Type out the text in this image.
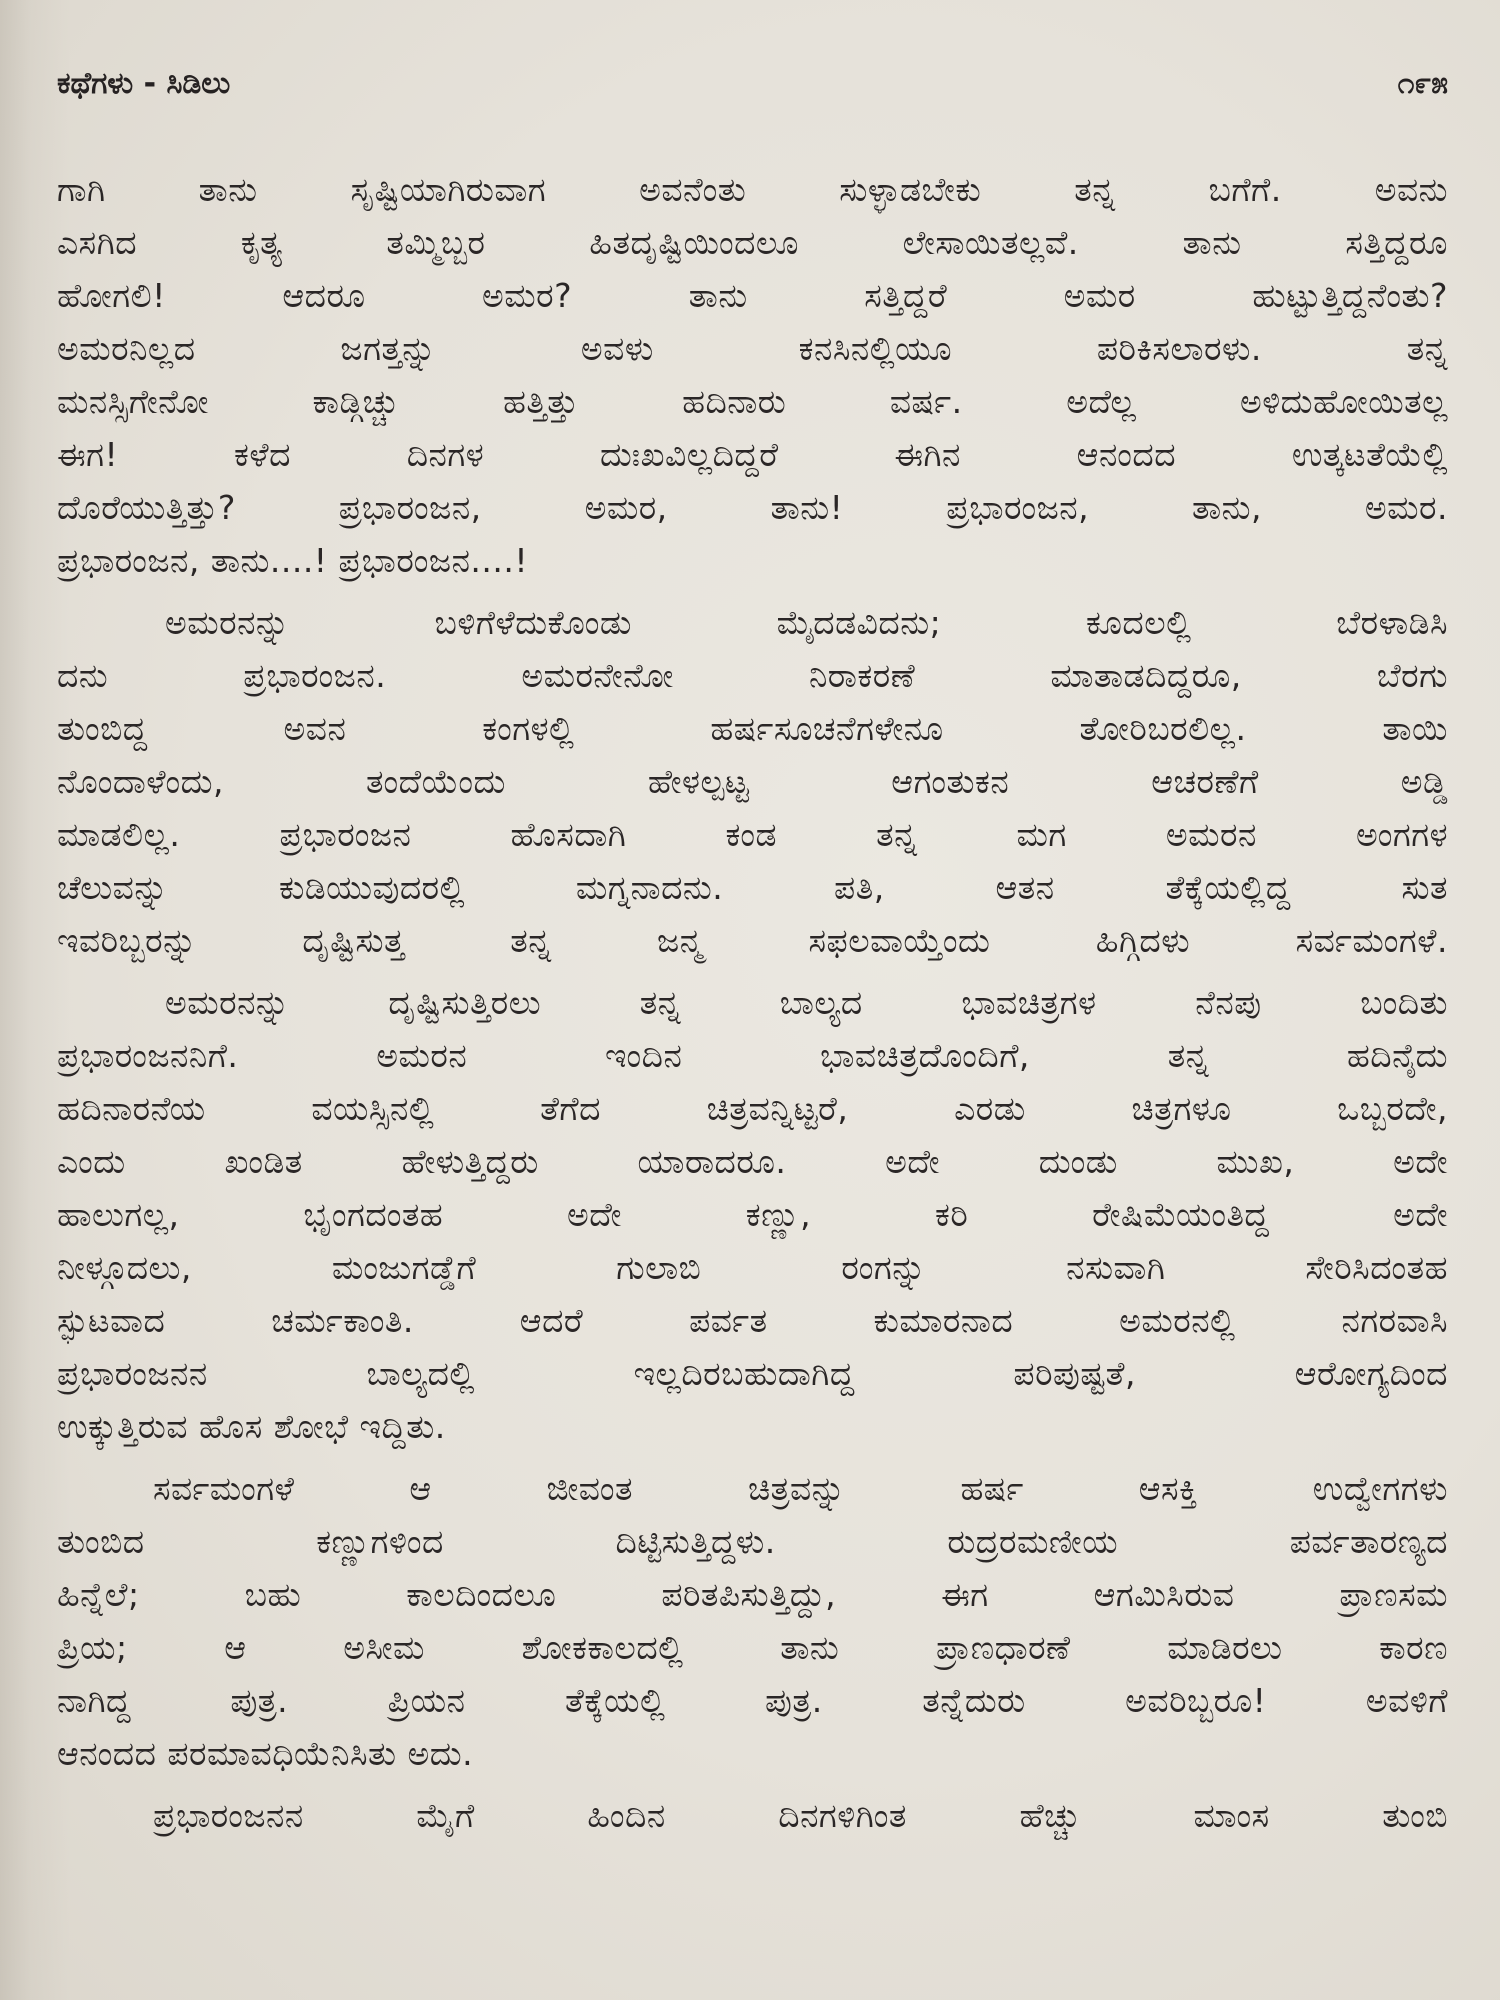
ಕಥೆಗಳು - ಸಿಡಿಲು	೧೯೫
ಗಾಗಿ ತಾನು ಸೃಷ್ಟಿಯಾಗಿರುವಾಗ ಅವನೆಂತು ಸುಳ್ಳಾಡಬೇಕು ತನ್ನ ಬಗೆಗೆ. ಅವನು
ಎಸಗಿದ ಕೃತ್ಯ ತಮ್ಮಿಬ್ಬರ ಹಿತದೃಷ್ಟಿಯಿಂದಲೂ ಲೇಸಾಯಿತಲ್ಲವೆ. ತಾನು ಸತ್ತಿದ್ದರೂ
ಹೋಗಲಿ! ಆದರೂ ಅಮರ? ತಾನು ಸತ್ತಿದ್ದರೆ ಅಮರ ಹುಟ್ಟುತ್ತಿದ್ದನೆಂತು?
ಅಮರನಿಲ್ಲದ ಜಗತ್ತನ್ನು ಅವಳು ಕನಸಿನಲ್ಲಿಯೂ ಪರಿಕಿಸಲಾರಳು. ತನ್ನ
ಮನಸ್ಸಿಗೇನೋ ಕಾಡ್ಗಿಚ್ಚು ಹತ್ತಿತ್ತು ಹದಿನಾರು ವರ್ಷ. ಅದೆಲ್ಲ ಅಳಿದುಹೋಯಿತಲ್ಲ
ಈಗ! ಕಳೆದ ದಿನಗಳ ದುಃಖವಿಲ್ಲದಿದ್ದರೆ ಈಗಿನ ಆನಂದದ ಉತ್ಕಟತೆಯೆಲ್ಲಿ
ದೊರೆಯುತ್ತಿತ್ತು? ಪ್ರಭಾರಂಜನ, ಅಮರ, ತಾನು! ಪ್ರಭಾರಂಜನ, ತಾನು, ಅಮರ.
ಪ್ರಭಾರಂಜನ, ತಾನು....! ಪ್ರಭಾರಂಜನ....!
ಅಮರನನ್ನು ಬಳಿಗೆಳೆದುಕೊಂಡು ಮೈದಡವಿದನು; ಕೂದಲಲ್ಲಿ ಬೆರಳಾಡಿಸಿ
ದನು ಪ್ರಭಾರಂಜನ. ಅಮರನೇನೋ ನಿರಾಕರಣೆ ಮಾತಾಡದಿದ್ದರೂ, ಬೆರಗು
ತುಂಬಿದ್ದ ಅವನ ಕಂಗಳಲ್ಲಿ ಹರ್ಷಸೂಚನೆಗಳೇನೂ ತೋರಿಬರಲಿಲ್ಲ. ತಾಯಿ
ನೊಂದಾಳೆಂದು, ತಂದೆಯೆಂದು ಹೇಳಲ್ಪಟ್ಟ ಆಗಂತುಕನ ಆಚರಣೆಗೆ ಅಡ್ಡಿ
ಮಾಡಲಿಲ್ಲ. ಪ್ರಭಾರಂಜನ ಹೊಸದಾಗಿ ಕಂಡ ತನ್ನ ಮಗ ಅಮರನ ಅಂಗಗಳ
ಚೆಲುವನ್ನು ಕುಡಿಯುವುದರಲ್ಲಿ ಮಗ್ನನಾದನು. ಪತಿ, ಆತನ ತೆಕ್ಕೆಯಲ್ಲಿದ್ದ ಸುತ
ಇವರಿಬ್ಬರನ್ನು ದೃಷ್ಟಿಸುತ್ತ ತನ್ನ ಜನ್ಮ ಸಫಲವಾಯ್ತೆಂದು ಹಿಗ್ಗಿದಳು ಸರ್ವಮಂಗಳೆ.
ಅಮರನನ್ನು ದೃಷ್ಟಿಸುತ್ತಿರಲು ತನ್ನ ಬಾಲ್ಯದ ಭಾವಚಿತ್ರಗಳ ನೆನಪು ಬಂದಿತು
ಪ್ರಭಾರಂಜನನಿಗೆ. ಅಮರನ ಇಂದಿನ ಭಾವಚಿತ್ರದೊಂದಿಗೆ, ತನ್ನ ಹದಿನೈದು
ಹದಿನಾರನೆಯ ವಯಸ್ಸಿನಲ್ಲಿ ತೆಗೆದ ಚಿತ್ರವನ್ನಿಟ್ಟರೆ, ಎರಡು ಚಿತ್ರಗಳೂ ಒಬ್ಬರದೇ,
ಎಂದು ಖಂಡಿತ ಹೇಳುತ್ತಿದ್ದರು ಯಾರಾದರೂ. ಅದೇ ದುಂಡು ಮುಖ, ಅದೇ
ಹಾಲುಗಲ್ಲ, ಭೃಂಗದಂತಹ ಅದೇ ಕಣ್ಣು, ಕರಿ ರೇಷಿಮೆಯಂತಿದ್ದ ಅದೇ
ನೀಳ್ಗೂದಲು, ಮಂಜುಗಡ್ಡೆಗೆ ಗುಲಾಬಿ ರಂಗನ್ನು ನಸುವಾಗಿ ಸೇರಿಸಿದಂತಹ
ಸ್ಫುಟವಾದ ಚರ್ಮಕಾಂತಿ. ಆದರೆ ಪರ್ವತ ಕುಮಾರನಾದ ಅಮರನಲ್ಲಿ ನಗರವಾಸಿ
ಪ್ರಭಾರಂಜನನ ಬಾಲ್ಯದಲ್ಲಿ ಇಲ್ಲದಿರಬಹುದಾಗಿದ್ದ ಪರಿಪುಷ್ಟತೆ, ಆರೋಗ್ಯದಿಂದ
ಉಕ್ಕುತ್ತಿರುವ ಹೊಸ ಶೋಭೆ ಇದ್ದಿತು.
ಸರ್ವಮಂಗಳೆ ಆ ಜೀವಂತ ಚಿತ್ರವನ್ನು ಹರ್ಷ ಆಸಕ್ತಿ ಉದ್ವೇಗಗಳು
ತುಂಬಿದ ಕಣ್ಣುಗಳಿಂದ ದಿಟ್ಟಿಸುತ್ತಿದ್ದಳು. ರುದ್ರರಮಣೀಯ ಪರ್ವತಾರಣ್ಯದ
ಹಿನ್ನೆಲೆ; ಬಹು ಕಾಲದಿಂದಲೂ ಪರಿತಪಿಸುತ್ತಿದ್ದು, ಈಗ ಆಗಮಿಸಿರುವ ಪ್ರಾಣಸಮ
ಪ್ರಿಯ; ಆ ಅಸೀಮ ಶೋಕಕಾಲದಲ್ಲಿ ತಾನು ಪ್ರಾಣಧಾರಣೆ ಮಾಡಿರಲು ಕಾರಣ
ನಾಗಿದ್ದ ಪುತ್ರ. ಪ್ರಿಯನ ತೆಕ್ಕೆಯಲ್ಲಿ ಪುತ್ರ. ತನ್ನೆದುರು ಅವರಿಬ್ಬರೂ! ಅವಳಿಗೆ
ಆನಂದದ ಪರಮಾವಧಿಯೆನಿಸಿತು ಅದು.
ಪ್ರಭಾರಂಜನನ ಮೈಗೆ ಹಿಂದಿನ ದಿನಗಳಿಗಿಂತ ಹೆಚ್ಚು ಮಾಂಸ ತುಂಬಿ
